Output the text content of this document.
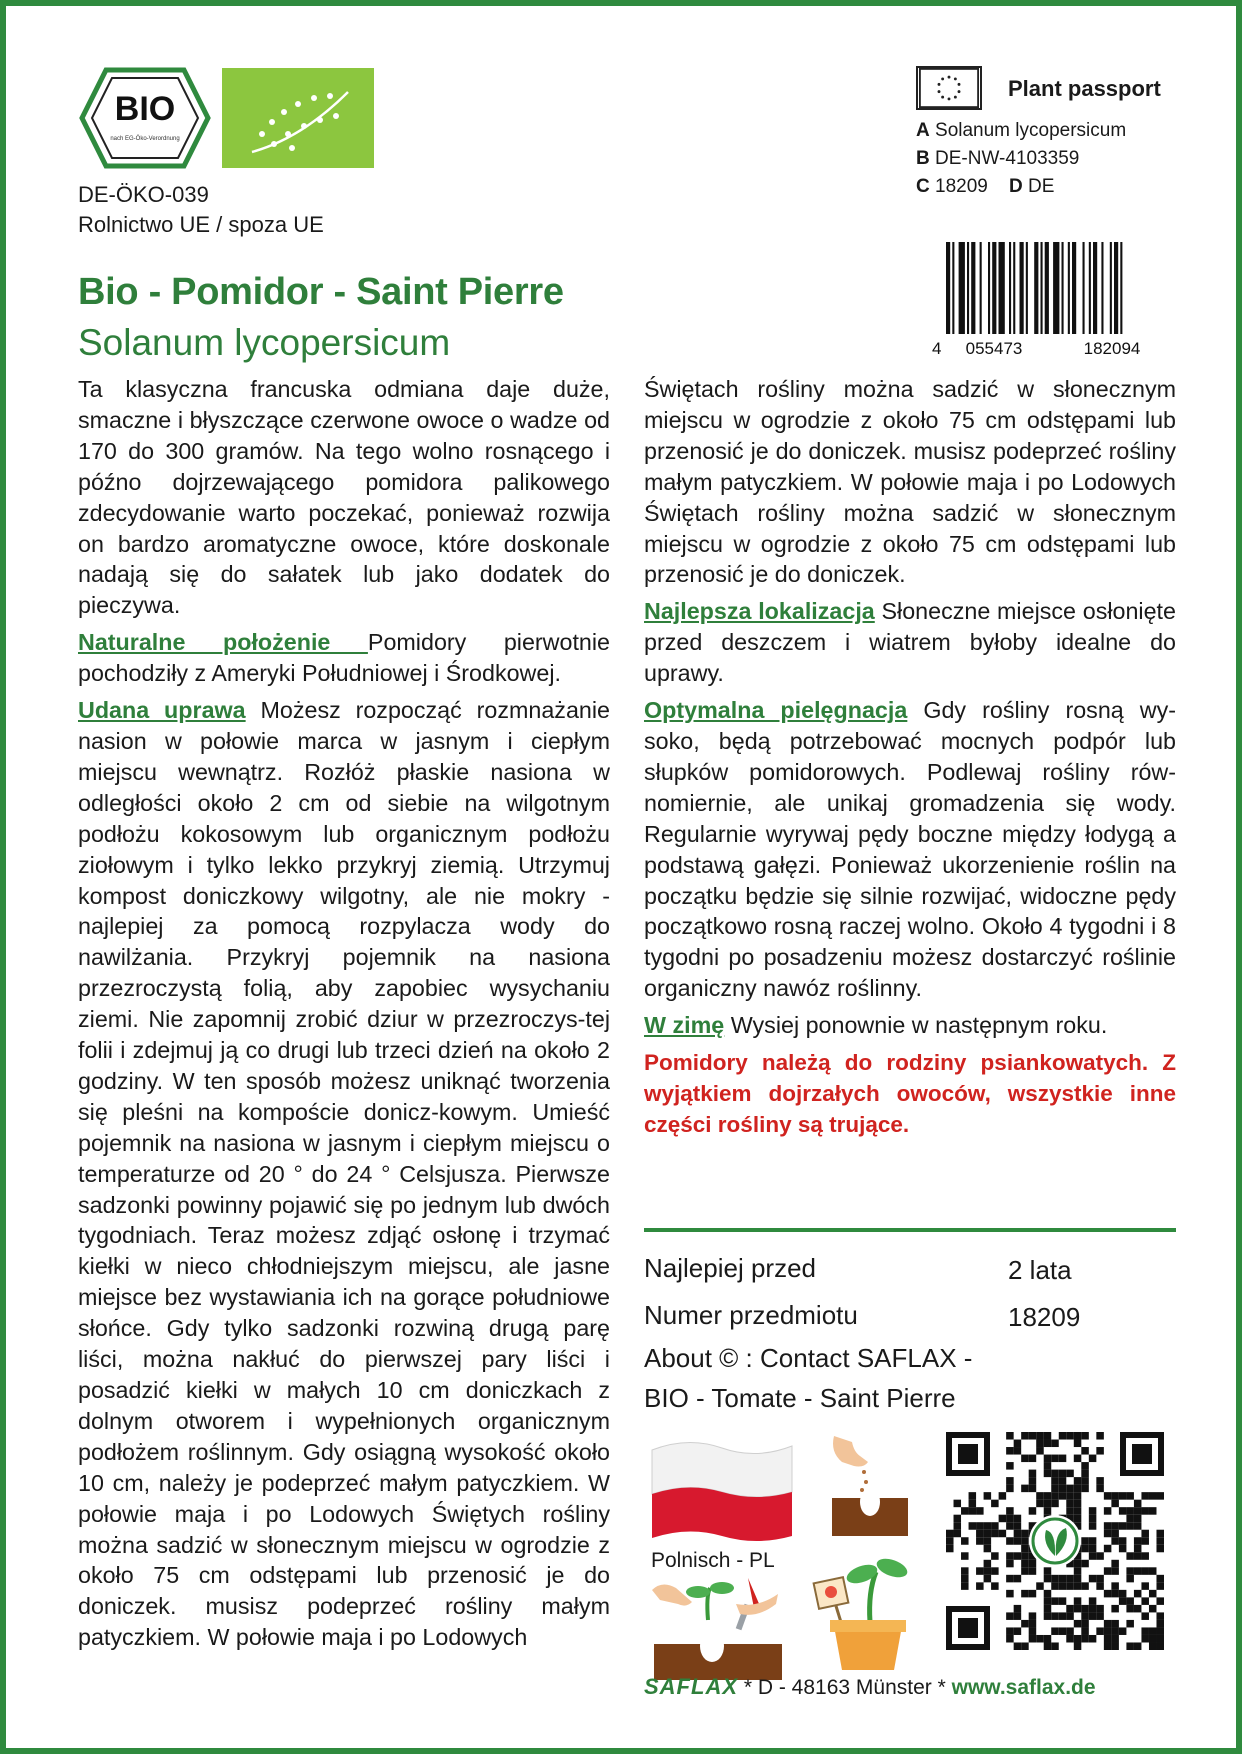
BIO
nach EG-Öko-Verordnung
DE-ÖKO-039
Rolnictwo UE / spoza UE
Bio - Pomidor - Saint Pierre
Solanum lycopersicum

Ta klasyczna francuska odmiana daje duże, smaczne i błyszczące czerwone owoce o wadze od 170 do 300 gramów. Na tego wolno rosnącego i późno dojrzewającego pomidora palikowego zdecydowanie warto poczekać, ponieważ rozwija on bardzo aromatyczne owoce, które doskonale nadają się do sałatek lub jako dodatek do pieczywa.

Naturalne położenie Pomidory pierwotnie pochodziły z Ameryki Południowej i Środkowej.

Udana uprawa Możesz rozpocząć rozmnażanie nasion w połowie marca w jasnym i ciepłym miejscu wewnątrz. Rozłóż płaskie nasiona w odległości około 2 cm od siebie na wilgotnym podłożu kokosowym lub organicznym podłożu ziołowym i tylko lekko przykryj ziemią. Utrzymuj kompost doniczkowy wilgotny, ale nie mokry - najlepiej za pomocą rozpylacza wody do nawilżania. Przykryj pojemnik na nasiona przezroczystą folią, aby zapobiec wysychaniu ziemi. Nie zapomnij zrobić dziur w przezroczys-tej folii i zdejmuj ją co drugi lub trzeci dzień na około 2 godziny. W ten sposób możesz uniknąć tworzenia się pleśni na kompoście donicz-kowym. Umieść pojemnik na nasiona w jasnym i ciepłym miejscu o temperaturze od 20 ° do 24 ° Celsjusza. Pierwsze sadzonki powinny pojawić się po jednym lub dwóch tygodniach. Teraz możesz zdjąć osłonę i trzymać kiełki w nieco chłodniejszym miejscu, ale jasne miejsce bez wystawiania ich na gorące południowe słońce. Gdy tylko sadzonki rozwiną drugą parę liści, można nakłuć do pierwszej pary liści i posadzić kiełki w małych 10 cm doniczkach z dolnym otworem i wypełnionych organicznym podłożem roślinnym. Gdy osiągną wysokość około 10 cm, należy je podeprzeć małym patyczkiem. W połowie maja i po Lodowych Świętych rośliny można sadzić w słonecznym miejscu w ogrodzie z około 75 cm odstępami lub przenosić je do doniczek. musisz podeprzeć rośliny małym patyczkiem. W połowie maja i po Lodowych

Plant passport
A Solanum lycopersicum
B DE-NW-4103359
C 18209 D DE
4 055473	182094

Świętach rośliny można sadzić w słonecznym miejscu w ogrodzie z około 75 cm odstępami lub przenosić je do doniczek. musisz podeprzeć rośliny małym patyczkiem. W połowie maja i po Lodowych Świętach rośliny można sadzić w słonecznym miejscu w ogrodzie z około 75 cm odstępami lub przenosić je do doniczek.

Najlepsza lokalizacja Słoneczne miejsce osłonięte przed deszczem i wiatrem byłoby idealne do uprawy.

Optymalna pielęgnacja Gdy rośliny rosną wy-soko, będą potrzebować mocnych podpór lub słupków pomidorowych. Podlewaj rośliny rów-nomiernie, ale unikaj gromadzenia się wody. Regularnie wyrywaj pędy boczne między łodygą a podstawą gałęzi. Ponieważ ukorzenienie roślin na początku będzie się silnie rozwijać, widoczne pędy początkowo rosną raczej wolno. Około 4 tygodni i 8 tygodni po posadzeniu możesz dostarczyć roślinie organiczny nawóz roślinny.

W zimę Wysiej ponownie w następnym roku.

Pomidory należą do rodziny psiankowatych. Z wyjątkiem dojrzałych owoców, wszystkie inne części rośliny są trujące.

Najlepiej przed	2 lata
Numer przedmiotu	18209
About © : Contact SAFLAX -
BIO - Tomate - Saint Pierre
Polnisch - PL
SAFLAX * D - 48163 Münster * www.saflax.de
